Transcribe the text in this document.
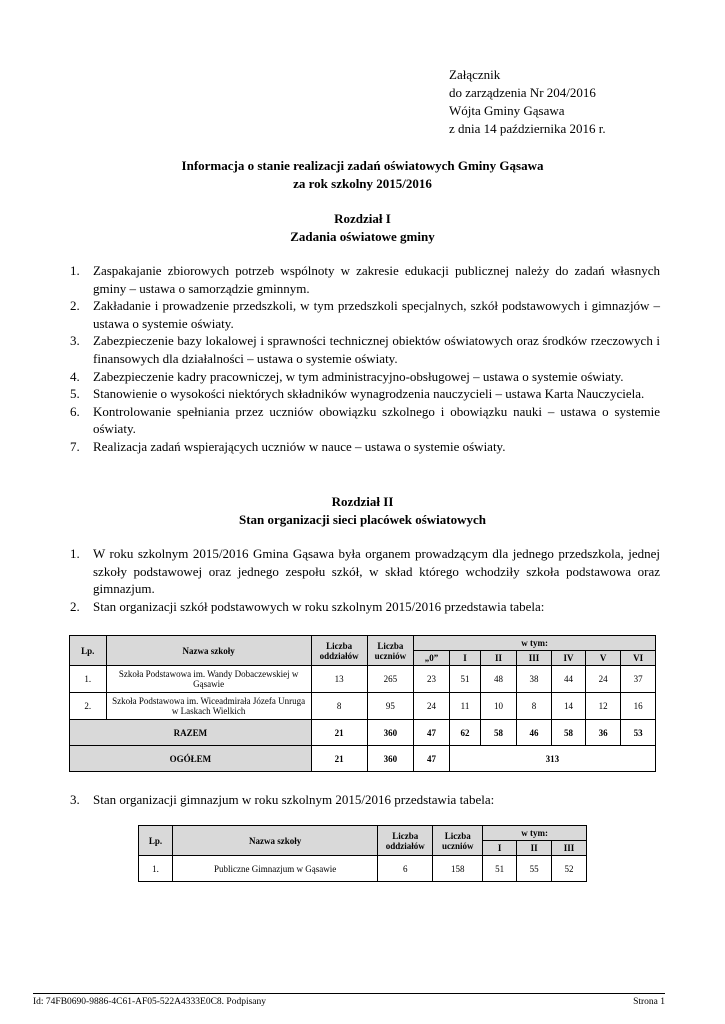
Załącznik
do zarządzenia Nr 204/2016
Wójta Gminy Gąsawa
z dnia 14 października 2016 r.
Informacja o stanie realizacji zadań oświatowych Gminy Gąsawa
za rok szkolny 2015/2016
Rozdział I
Zadania oświatowe gminy
1. Zaspakajanie zbiorowych potrzeb wspólnoty w zakresie edukacji publicznej należy do zadań własnych gminy – ustawa o samorządzie gminnym.
2. Zakładanie i prowadzenie przedszkoli, w tym przedszkoli specjalnych, szkół podstawowych i gimnazjów – ustawa o systemie oświaty.
3. Zabezpieczenie bazy lokalowej i sprawności technicznej obiektów oświatowych oraz środków rzeczowych i finansowych dla działalności – ustawa o systemie oświaty.
4. Zabezpieczenie kadry pracowniczej, w tym administracyjno-obsługowej – ustawa o systemie oświaty.
5. Stanowienie o wysokości niektórych składników wynagrodzenia nauczycieli – ustawa Karta Nauczyciela.
6. Kontrolowanie spełniania przez uczniów obowiązku szkolnego i obowiązku nauki – ustawa o systemie oświaty.
7. Realizacja zadań wspierających uczniów w nauce – ustawa o systemie oświaty.
Rozdział II
Stan organizacji sieci placówek oświatowych
1. W roku szkolnym 2015/2016 Gmina Gąsawa była organem prowadzącym dla jednego przedszkola, jednej szkoły podstawowej oraz jednego zespołu szkół, w skład którego wchodziły szkoła podstawowa oraz gimnazjum.
2. Stan organizacji szkół podstawowych w roku szkolnym 2015/2016 przedstawia tabela:
Lp.	Nazwa szkoły	Liczba oddziałów	Liczba uczniów	w tym:						
				„0”	I	II	III	IV	V	VI
1.	Szkoła Podstawowa im. Wandy Dobaczewskiej w Gąsawie	13	265	23	51	48	38	44	24	37
2.	Szkoła Podstawowa im. Wiceadmirała Józefa Unruga w Laskach Wielkich	8	95	24	11	10	8	14	12	16
RAZEM		21	360	47	62	58	46	58	36	53
OGÓŁEM		21	360	47	313					
3. Stan organizacji gimnazjum w roku szkolnym 2015/2016 przedstawia tabela:
Lp.	Nazwa szkoły	Liczba oddziałów	Liczba uczniów	w tym:		
				I	II	III
1.	Publiczne Gimnazjum w Gąsawie	6	158	51	55	52
Id: 74FB0690-9886-4C61-AF05-522A4333E0C8. Podpisany	Strona 1
